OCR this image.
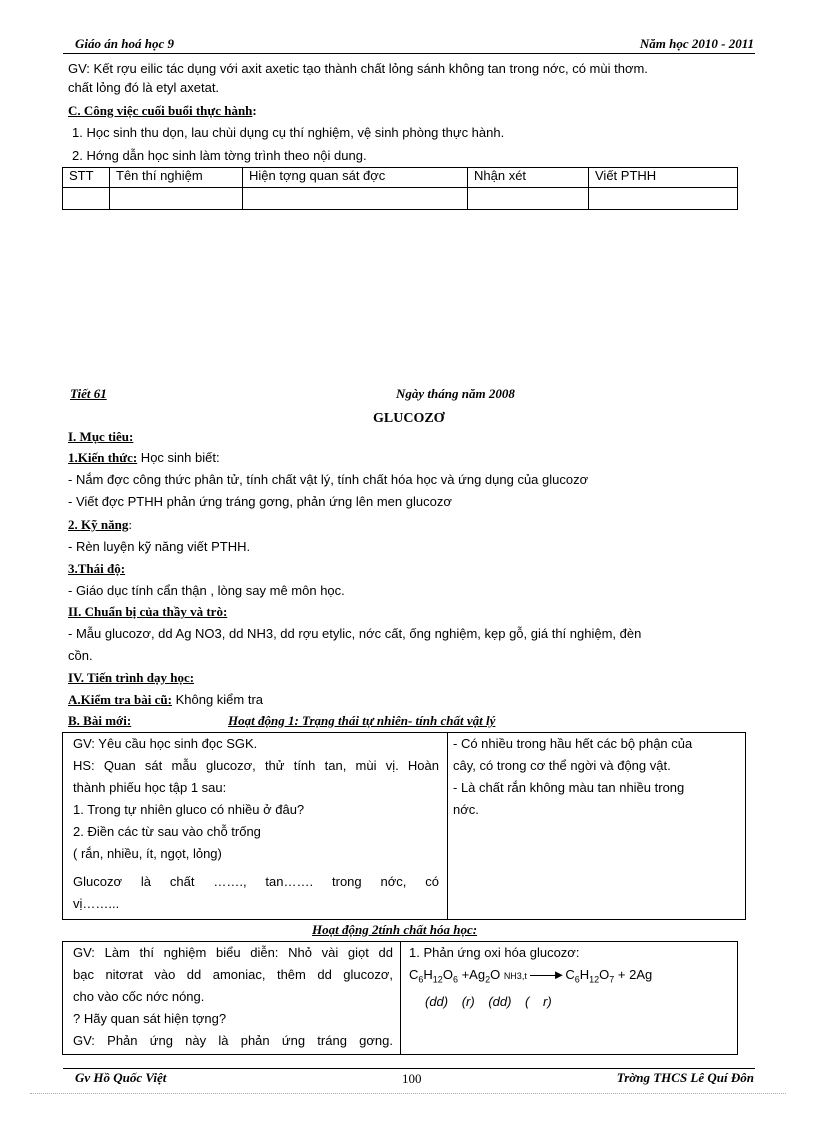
Giáo án hoá học 9	Năm học 2010 - 2011
GV: Kết rợu eilic tác dụng với axit axetic tạo thành chất lỏng sánh không tan trong nớc, có mùi thơm.
chất lỏng đó là etyl axetat.
C. Công việc cuối buổi thực hành:
1. Học sinh thu dọn, lau chùi dụng cụ thí nghiệm, vệ sinh phòng thực hành.
2. Hớng dẫn học sinh làm tờng trình theo nội dung.
STT	Tên thí nghiệm	Hiện tợng quan sát đợc	Nhận xét	Viết PTHH

Tiết 61	Ngày tháng năm 2008
GLUCOZƠ
I. Mục tiêu:
1.Kiến thức: Học sinh biết:
- Nắm đợc công thức phân tử, tính chất vật lý, tính chất hóa học và ứng dụng của glucozơ
- Viết đợc PTHH phản ứng tráng gơng, phản ứng lên men glucozơ
2. Kỹ năng:
- Rèn luyện kỹ năng viết PTHH.
3.Thái độ:
- Giáo dục tính cẩn thận , lòng say mê môn học.
II. Chuẩn bị của thầy và trò:
- Mẫu glucozơ, dd Ag NO3, dd NH3, dd rợu etylic, nớc cất, ống nghiệm, kẹp gỗ, giá thí nghiệm, đèn
cồn.
IV. Tiến trình dạy học:
A.Kiểm tra bài cũ: Không kiểm tra
B. Bài mới:	Hoạt động 1: Trạng thái tự nhiên- tính chất vật lý
GV: Yêu cầu học sinh đọc SGK.
HS: Quan sát mẫu glucozơ, thử tính tan, mùi vị. Hoàn
thành phiếu học tập 1 sau:
1. Trong tự nhiên gluco có nhiều ở đâu?
2. Điền các từ sau vào chỗ trống
( rắn, nhiều, ít, ngọt, lỏng)
Glucozơ là chất ……., tan……. trong nớc, có
vị……...
- Có nhiều trong hầu hết các bộ phận của
cây, có trong cơ thể ngời và động vật.
- Là chất rắn không màu tan nhiều trong
nớc.
Hoạt động 2tính chất hóa học:
GV: Làm thí nghiệm biểu diễn: Nhỏ vài giọt dd
bạc nitơrat vào dd amoniac, thêm dd glucozơ,
cho vào cốc nớc nóng.
? Hãy quan sát hiện tợng?
GV: Phản ứng này là phản ứng tráng gơng.
1. Phản ứng oxi hóa glucozơ:
$C_6H_{12}O_6 +Ag_2O$ NH3,t $►C_6H_{12}O_7 + 2Ag$
(dd) (r) (dd) ( r)
Gv Hồ Quốc Việt	100	Trờng THCS Lê Quí Đôn
